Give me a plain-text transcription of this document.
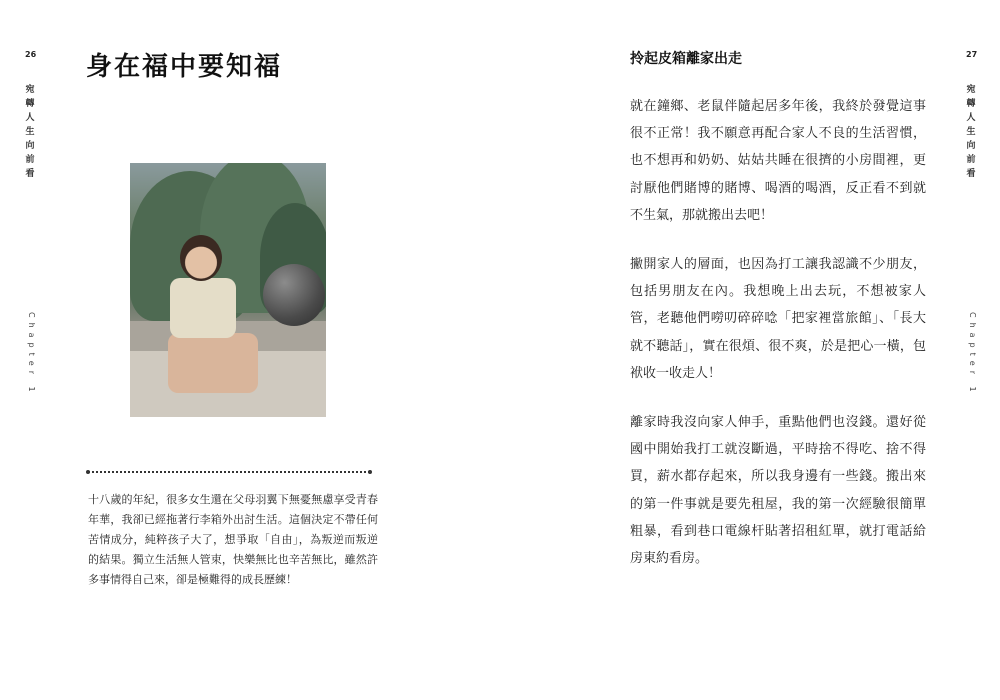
26
宛
轉
人
生
向
前
看
Chapter 1
身在福中要知福

十八歲的年紀，很多女生還在父母羽翼下無憂無慮享受青春年華，我卻已經拖著行李箱外出討生活。這個決定不帶任何苦情成分，純粹孩子大了，想爭取「自由」，為叛逆而叛逆的結果。獨立生活無人管束，快樂無比也辛苦無比，雖然許多事情得自己來，卻是極難得的成長歷練！

27
宛
轉
人
生
向
前
看
Chapter 1
拎起皮箱離家出走

就在鐘鄉、老鼠伴隨起居多年後，我終於發覺這事很不正常！我不願意再配合家人不良的生活習慣，也不想再和奶奶、姑姑共睡在很擠的小房間裡，更討厭他們賭博的賭博、喝酒的喝酒，反正看不到就不生氣，那就搬出去吧！

撇開家人的層面，也因為打工讓我認識不少朋友，包括男朋友在內。我想晚上出去玩，不想被家人管，老聽他們嘮叨碎碎唸「把家裡當旅館」、「長大就不聽話」，實在很煩、很不爽，於是把心一橫，包袱收一收走人！

離家時我沒向家人伸手，重點他們也沒錢。還好從國中開始我打工就沒斷過，平時捨不得吃、捨不得買，薪水都存起來，所以我身邊有一些錢。搬出來的第一件事就是要先租屋，我的第一次經驗很簡單粗暴，看到巷口電線杆貼著招租紅單，就打電話給房東約看房。
